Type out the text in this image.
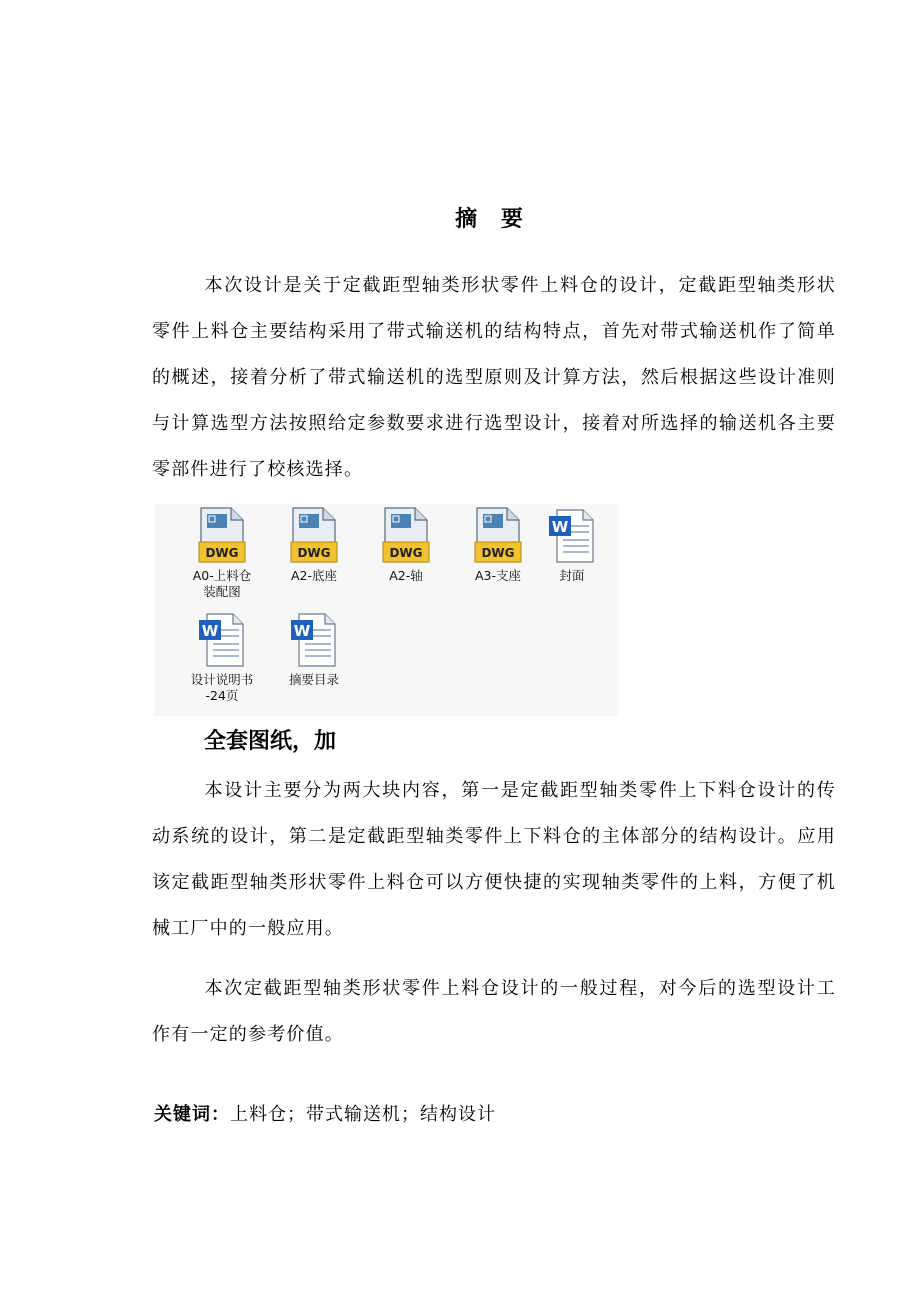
摘 要

本次设计是关于定截距型轴类形状零件上料仓的设计，定截距型轴类形状零件上料仓主要结构采用了带式输送机的结构特点，首先对带式输送机作了简单的概述，接着分析了带式输送机的选型原则及计算方法，然后根据这些设计准则与计算选型方法按照给定参数要求进行选型设计，接着对所选择的输送机各主要零部件进行了校核选择。

DWG
A0-上料仓
装配图
DWG
A2-底座
DWG
A2-轴
DWG
A3-支座
W
封面
W
设计说明书
-24页
W
摘要目录
全套图纸，加

本设计主要分为两大块内容，第一是定截距型轴类零件上下料仓设计的传动系统的设计，第二是定截距型轴类零件上下料仓的主体部分的结构设计。应用该定截距型轴类形状零件上料仓可以方便快捷的实现轴类零件的上料，方便了机械工厂中的一般应用。

本次定截距型轴类形状零件上料仓设计的一般过程，对今后的选型设计工作有一定的参考价值。

关键词：上料仓；带式输送机；结构设计
